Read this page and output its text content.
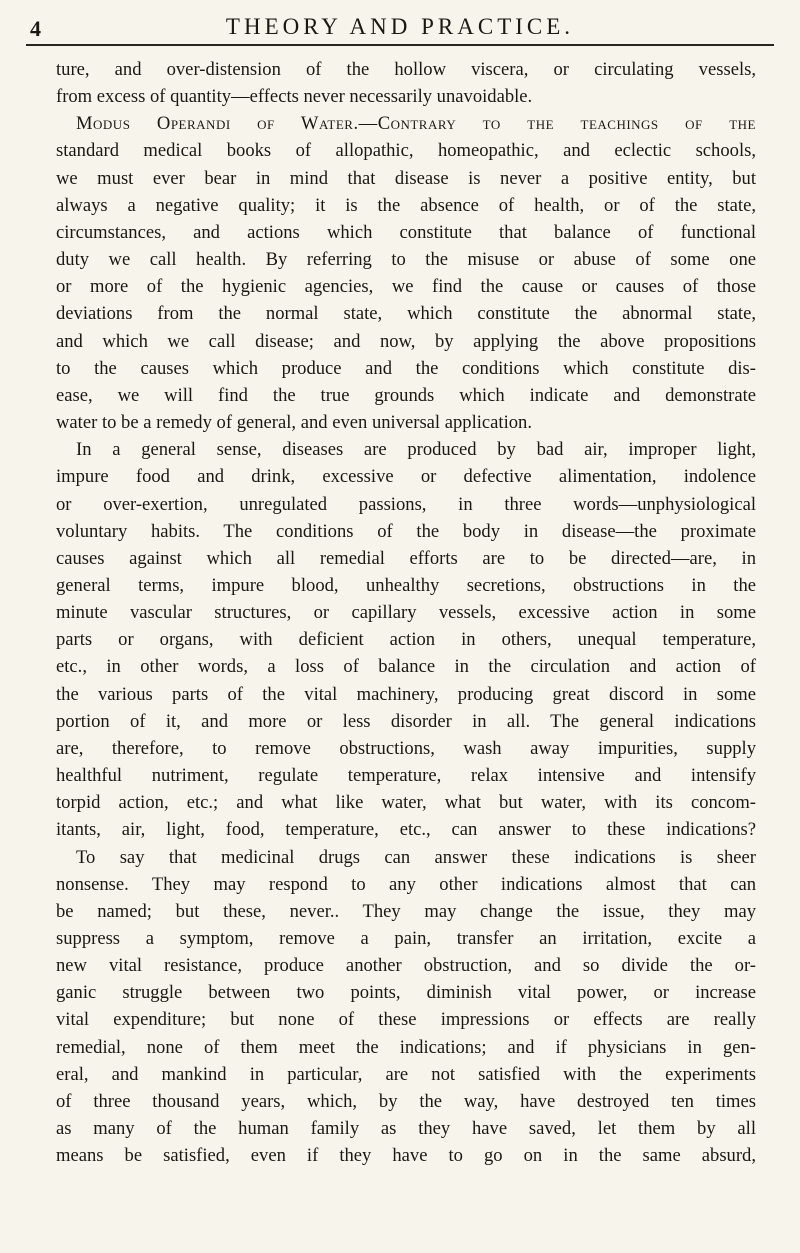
4	THEORY AND PRACTICE.
ture, and over-distension of the hollow viscera, or circulating vessels,
from excess of quantity—effects never necessarily unavoidable.
Modus Operandi of Water.—Contrary to the teachings of the
standard medical books of allopathic, homeopathic, and eclectic schools,
we must ever bear in mind that disease is never a positive entity, but
always a negative quality; it is the absence of health, or of the state,
circumstances, and actions which constitute that balance of functional
duty we call health. By referring to the misuse or abuse of some one
or more of the hygienic agencies, we find the cause or causes of those
deviations from the normal state, which constitute the abnormal state,
and which we call disease; and now, by applying the above propositions
to the causes which produce and the conditions which constitute dis-
ease, we will find the true grounds which indicate and demonstrate
water to be a remedy of general, and even universal application.
In a general sense, diseases are produced by bad air, improper light,
impure food and drink, excessive or defective alimentation, indolence
or over-exertion, unregulated passions, in three words—unphysiological
voluntary habits. The conditions of the body in disease—the proximate
causes against which all remedial efforts are to be directed—are, in
general terms, impure blood, unhealthy secretions, obstructions in the
minute vascular structures, or capillary vessels, excessive action in some
parts or organs, with deficient action in others, unequal temperature,
etc., in other words, a loss of balance in the circulation and action of
the various parts of the vital machinery, producing great discord in some
portion of it, and more or less disorder in all. The general indications
are, therefore, to remove obstructions, wash away impurities, supply
healthful nutriment, regulate temperature, relax intensive and intensify
torpid action, etc.; and what like water, what but water, with its concom-
itants, air, light, food, temperature, etc., can answer to these indications?
To say that medicinal drugs can answer these indications is sheer
nonsense. They may respond to any other indications almost that can
be named; but these, never.. They may change the issue, they may
suppress a symptom, remove a pain, transfer an irritation, excite a
new vital resistance, produce another obstruction, and so divide the or-
ganic struggle between two points, diminish vital power, or increase
vital expenditure; but none of these impressions or effects are really
remedial, none of them meet the indications; and if physicians in gen-
eral, and mankind in particular, are not satisfied with the experiments
of three thousand years, which, by the way, have destroyed ten times
as many of the human family as they have saved, let them by all
means be satisfied, even if they have to go on in the same absurd,
